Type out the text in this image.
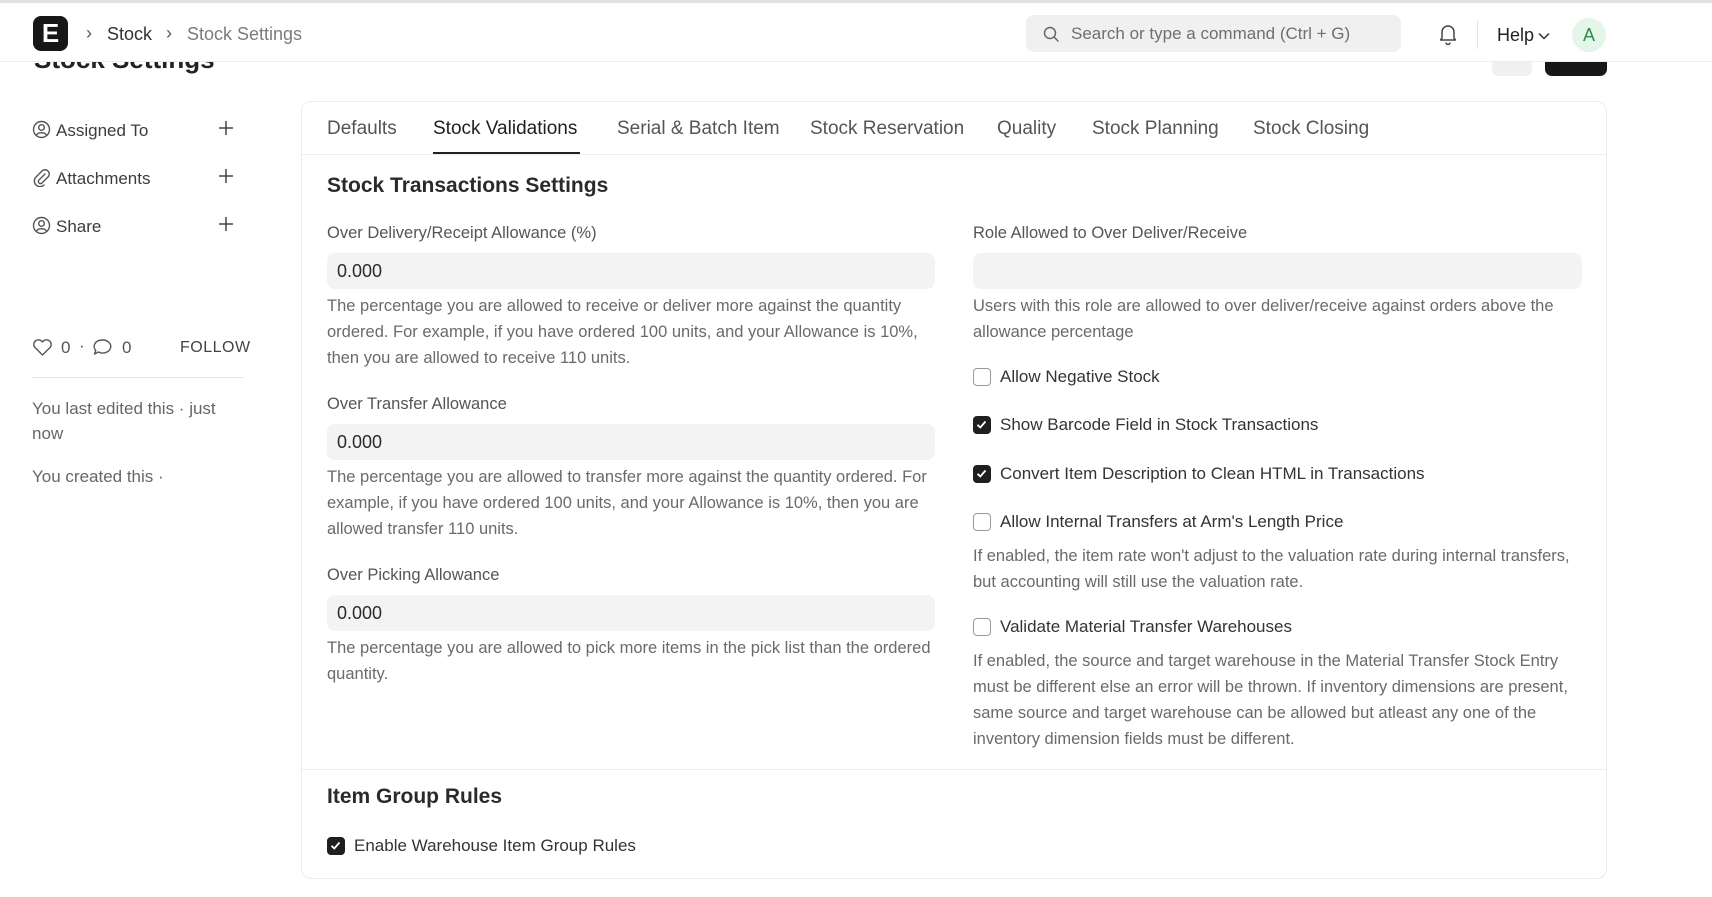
E	› Stock › Stock Settings	Search or type a command (Ctrl + G)	Help	A
Assigned To
Attachments
Share
0 · 0	FOLLOW
You last edited this · just now
You created this ·
Defaults Stock Validations Serial & Batch Item Stock Reservation Quality Stock Planning Stock Closing
Stock Transactions Settings
Over Delivery/Receipt Allowance (%)
0.000
The percentage you are allowed to receive or deliver more against the quantity ordered. For example, if you have ordered 100 units, and your Allowance is 10%, then you are allowed to receive 110 units.
Over Transfer Allowance
0.000
The percentage you are allowed to transfer more against the quantity ordered. For example, if you have ordered 100 units, and your Allowance is 10%, then you are allowed transfer 110 units.
Over Picking Allowance
0.000
The percentage you are allowed to pick more items in the pick list than the ordered quantity.
Role Allowed to Over Deliver/Receive
Users with this role are allowed to over deliver/receive against orders above the allowance percentage
Allow Negative Stock
Show Barcode Field in Stock Transactions
Convert Item Description to Clean HTML in Transactions
Allow Internal Transfers at Arm's Length Price
If enabled, the item rate won't adjust to the valuation rate during internal transfers, but accounting will still use the valuation rate.
Validate Material Transfer Warehouses
If enabled, the source and target warehouse in the Material Transfer Stock Entry must be different else an error will be thrown. If inventory dimensions are present, same source and target warehouse can be allowed but atleast any one of the inventory dimension fields must be different.
Item Group Rules
Enable Warehouse Item Group Rules
